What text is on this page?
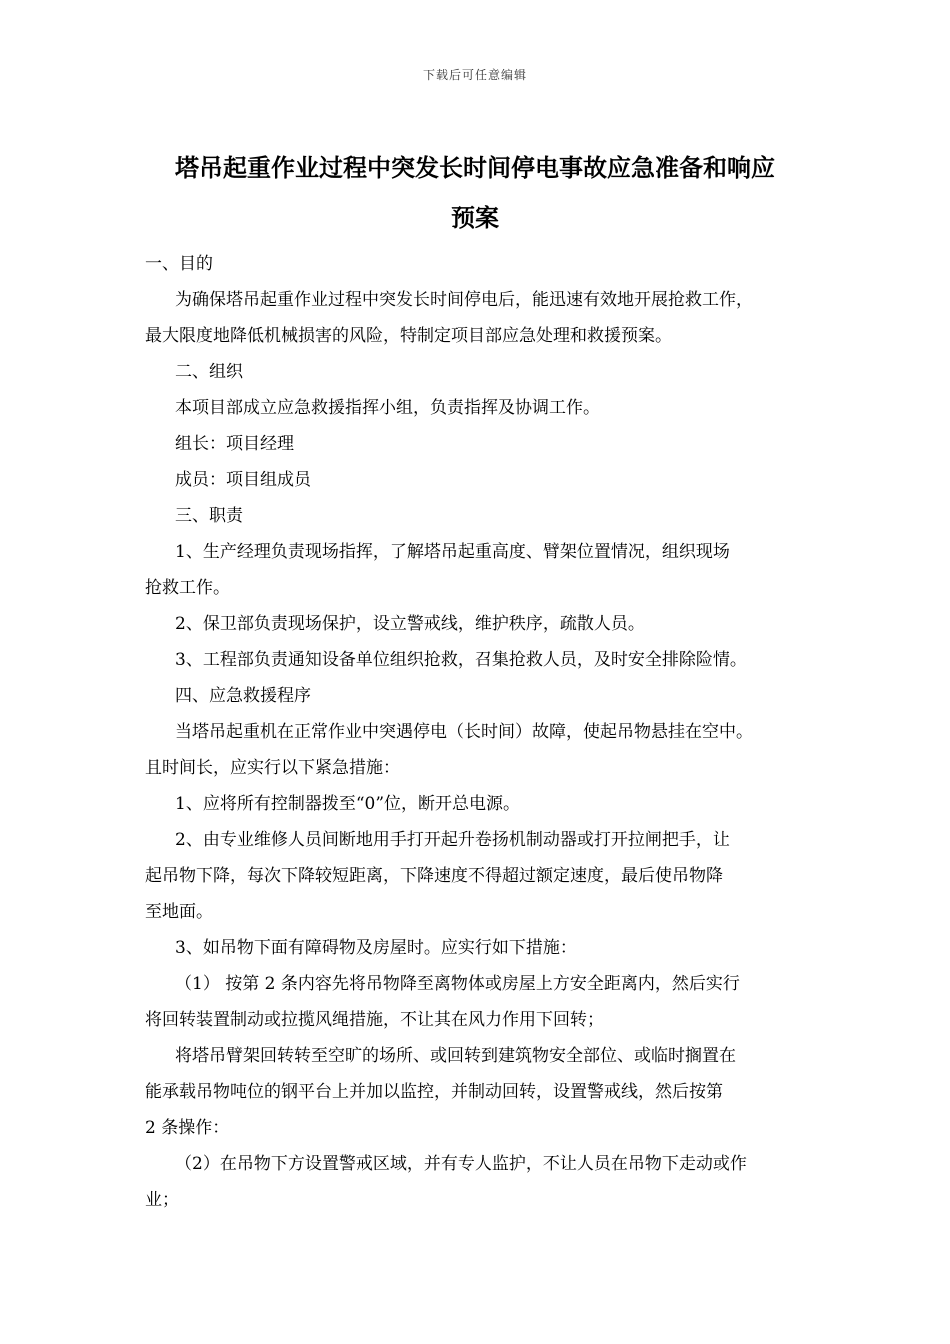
下载后可任意编辑
塔吊起重作业过程中突发长时间停电事故应急准备和响应
预案

一、目的

为确保塔吊起重作业过程中突发长时间停电后，能迅速有效地开展抢救工作，

最大限度地降低机械损害的风险，特制定项目部应急处理和救援预案。

二、组织

本项目部成立应急救援指挥小组，负责指挥及协调工作。

组长：项目经理

成员：项目组成员

三、职责

1、生产经理负责现场指挥，了解塔吊起重高度、臂架位置情况，组织现场

抢救工作。

2、保卫部负责现场保护，设立警戒线，维护秩序，疏散人员。

3、工程部负责通知设备单位组织抢救，召集抢救人员，及时安全排除险情。

四、应急救援程序

当塔吊起重机在正常作业中突遇停电（长时间）故障，使起吊物悬挂在空中。

且时间长，应实行以下紧急措施：

1、应将所有控制器拨至“0”位，断开总电源。

2、由专业维修人员间断地用手打开起升卷扬机制动器或打开拉闸把手，让

起吊物下降，每次下降较短距离，下降速度不得超过额定速度，最后使吊物降

至地面。

3、如吊物下面有障碍物及房屋时。应实行如下措施：

（1） 按第 2 条内容先将吊物降至离物体或房屋上方安全距离内，然后实行

将回转装置制动或拉揽风绳措施，不让其在风力作用下回转；

将塔吊臂架回转转至空旷的场所、或回转到建筑物安全部位、或临时搁置在

能承载吊物吨位的钢平台上并加以监控，并制动回转，设置警戒线，然后按第

2 条操作：

（2）在吊物下方设置警戒区域，并有专人监护，不让人员在吊物下走动或作

业；
